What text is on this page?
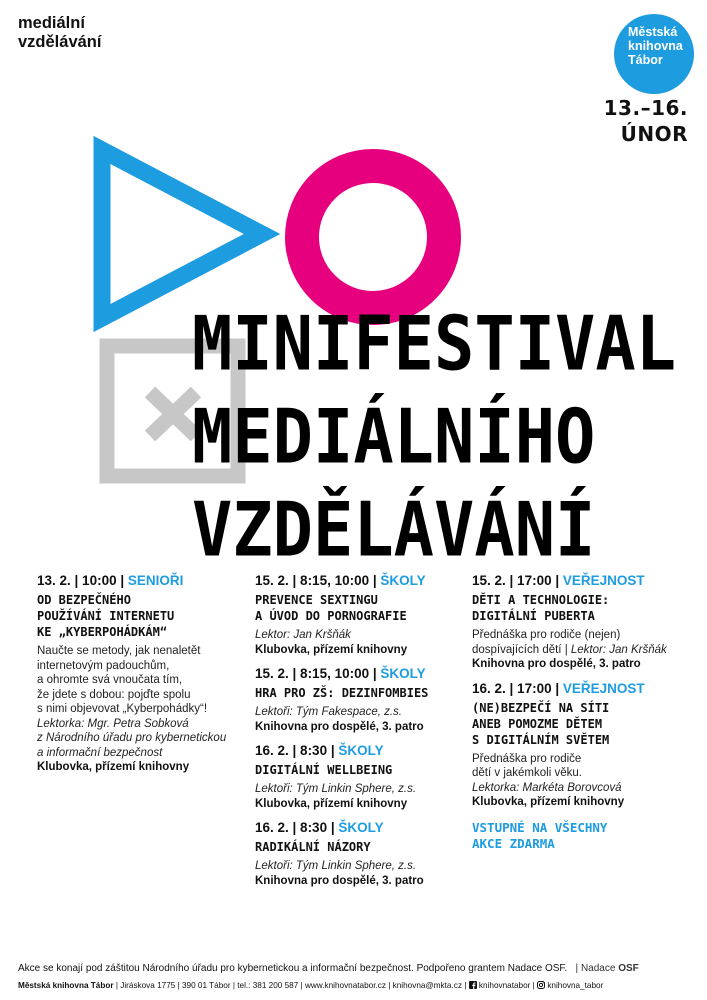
mediální
vzdělávání
Městská
knihovna
Tábor
13.–16.
ÚNOR
MINIFESTIVAL
MEDIÁLNÍHO
VZDĚLÁVÁNÍ
13. 2. | 10:00 | SENIOŘI
OD BEZPEČNÉHO
POUŽÍVÁNÍ INTERNETU
KE „KYBERPOHÁDKÁM“
Naučte se metody, jak nenaletět
internetovým padouchům,
a ohromte svá vnoučata tím,
že jdete s dobou: pojďte spolu
s nimi objevovat „Kyberpohádky“!
Lektorka: Mgr. Petra Sobková
z Národního úřadu pro kybernetickou
a informační bezpečnost
Klubovka, přízemí knihovny
15. 2. | 8:15, 10:00 | ŠKOLY
PREVENCE SEXTINGU
A ÚVOD DO PORNOGRAFIE
Lektor: Jan Kršňák
Klubovka, přízemí knihovny
15. 2. | 8:15, 10:00 | ŠKOLY
HRA PRO ZŠ: DEZINFOMBIES
Lektoři: Tým Fakespace, z.s.
Knihovna pro dospělé, 3. patro
16. 2. | 8:30 | ŠKOLY
DIGITÁLNÍ WELLBEING
Lektoři: Tým Linkin Sphere, z.s.
Klubovka, přízemí knihovny
16. 2. | 8:30 | ŠKOLY
RADIKÁLNÍ NÁZORY
Lektoři: Tým Linkin Sphere, z.s.
Knihovna pro dospělé, 3. patro
15. 2. | 17:00 | VEŘEJNOST
DĚTI A TECHNOLOGIE:
DIGITÁLNÍ PUBERTA
Přednáška pro rodiče (nejen)
dospívajících dětí | Lektor: Jan Kršňák
Knihovna pro dospělé, 3. patro
16. 2. | 17:00 | VEŘEJNOST
(NE)BEZPEČÍ NA SÍTI
ANEB POMOZME DĚTEM
S DIGITÁLNÍM SVĚTEM
Přednáška pro rodiče
dětí v jakémkoli věku.
Lektorka: Markéta Borovcová
Klubovka, přízemí knihovny
VSTUPNÉ NA VŠECHNY
AKCE ZDARMA
Akce se konají pod záštitou Národního úřadu pro kybernetickou a informační bezpečnost. Podpořeno grantem Nadace OSF.   | Nadace OSF
Městská knihovna Tábor | Jiráskova 1775 | 390 01 Tábor | tel.: 381 200 587 | www.knihovnatabor.cz | knihovna@mkta.cz |  knihovnatabor |  knihovna_tabor
